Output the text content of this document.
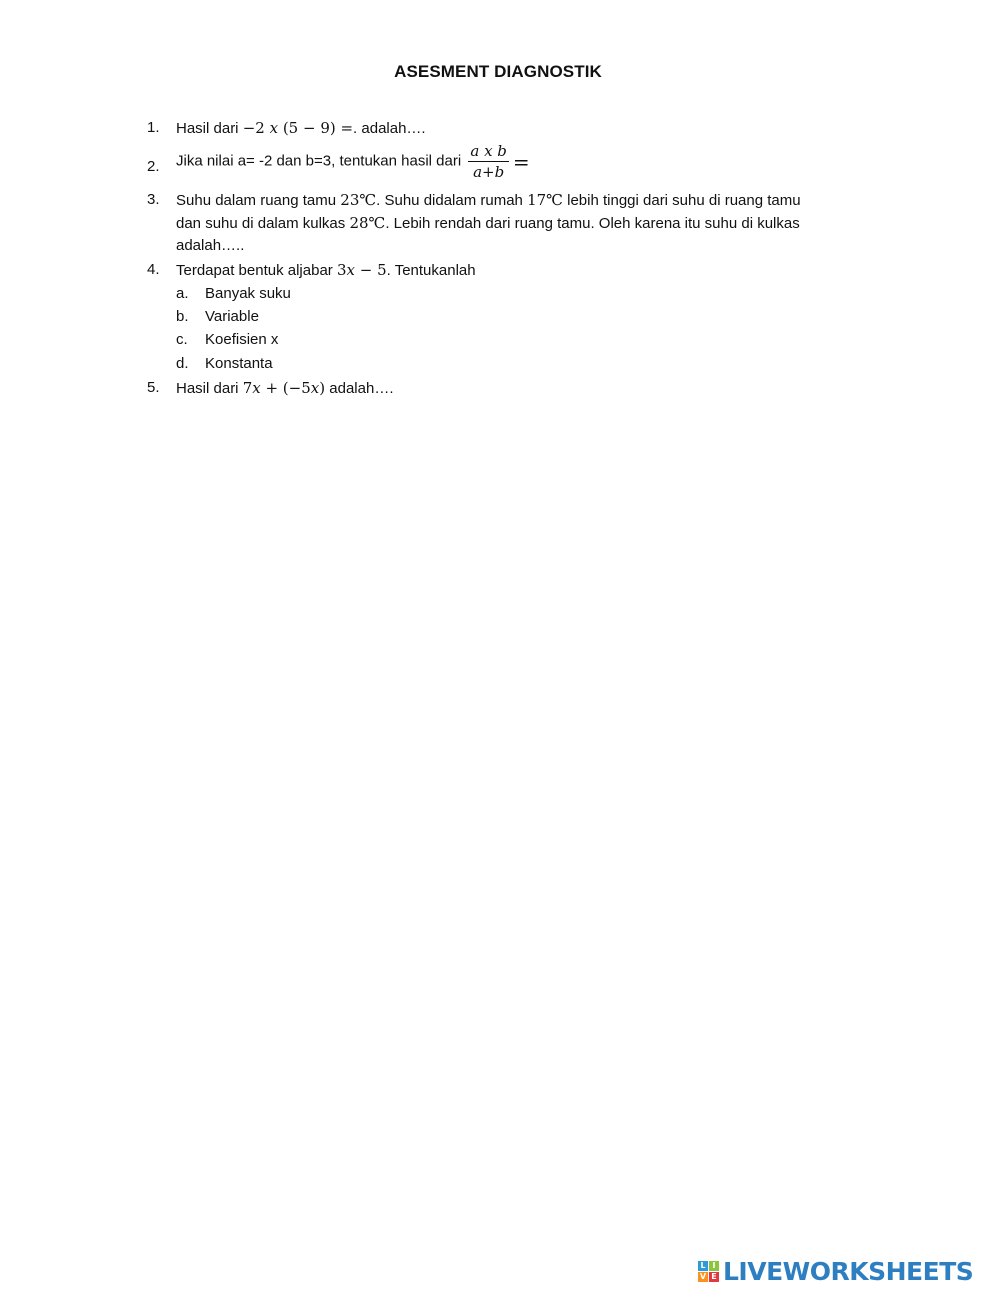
ASESMENT DIAGNOSTIK
1. Hasil dari −2 x (5 − 9) =. adalah….
2. Jika nilai a= -2 dan b=3, tentukan hasil dari $\frac{\text{a x b}}{a+b}$ =
3. Suhu dalam ruang tamu 23℃. Suhu didalam rumah 17℃ lebih tinggi dari suhu di ruang tamu
dan suhu di dalam kulkas 28℃. Lebih rendah dari ruang tamu. Oleh karena itu suhu di kulkas
adalah…..
4. Terdapat bentuk aljabar 3x − 5. Tentukanlah
a. Banyak suku
b. Variable
c. Koefisien x
d. Konstanta
5. Hasil dari 7x + (−5x) adalah….
L I
V E LIVEWORKSHEETS
